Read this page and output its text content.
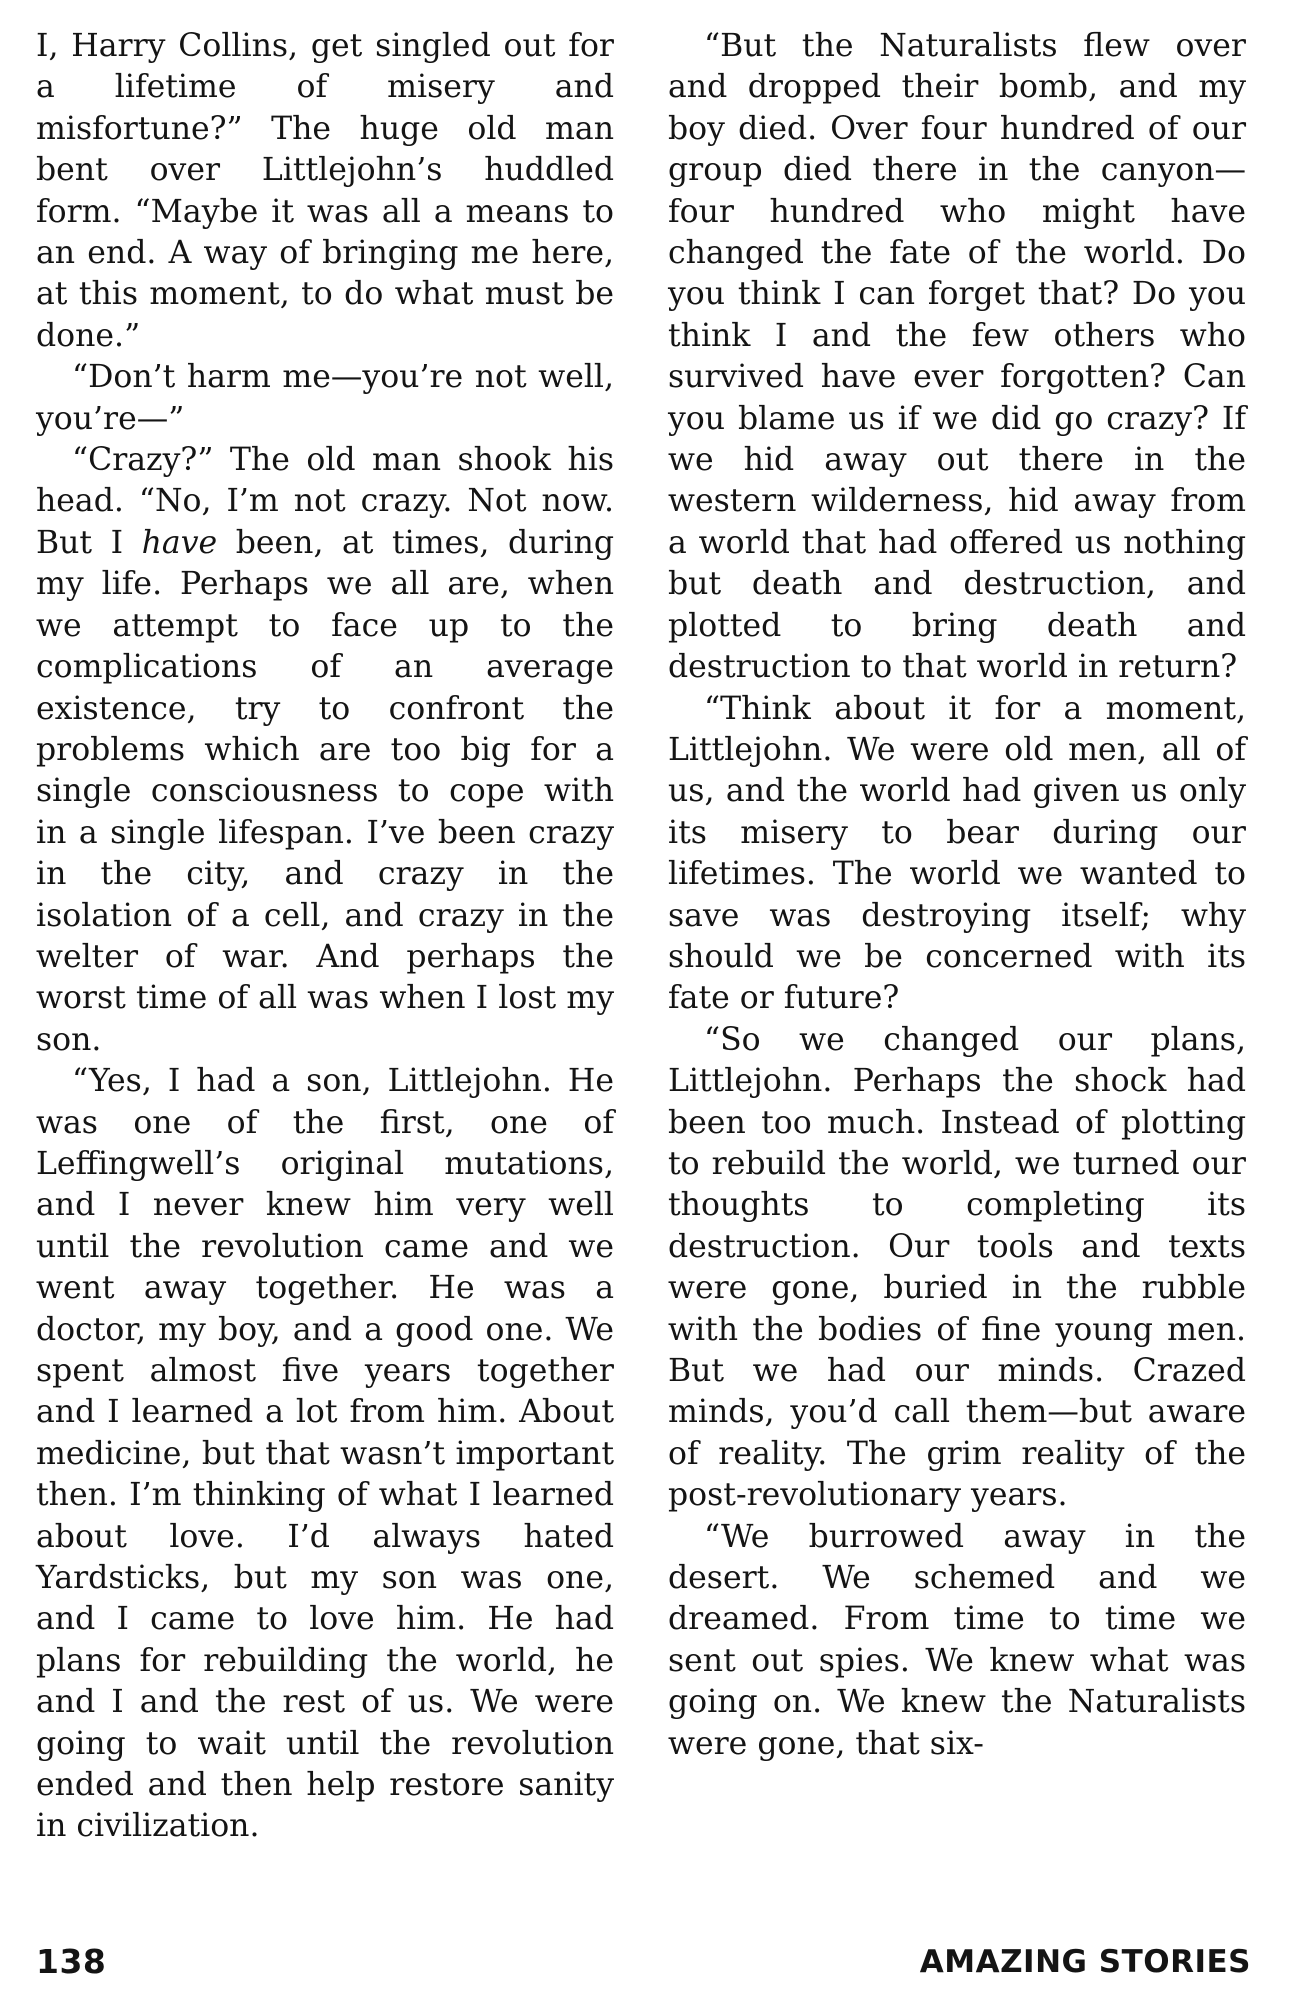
I, Harry Collins, get singled out for a lifetime of misery and misfortune?” The huge old man bent over Littlejohn’s huddled form. “Maybe it was all a means to an end. A way of bringing me here, at this moment, to do what must be done.”

“Don’t harm me—you’re not well, you’re—”

“Crazy?” The old man shook his head. “No, I’m not crazy. Not now. But I have been, at times, during my life. Perhaps we all are, when we attempt to face up to the complications of an average existence, try to confront the problems which are too big for a single consciousness to cope with in a single lifespan. I’ve been crazy in the city, and crazy in the isolation of a cell, and crazy in the welter of war. And perhaps the worst time of all was when I lost my son.

“Yes, I had a son, Littlejohn. He was one of the first, one of Leffingwell’s original mutations, and I never knew him very well until the revolution came and we went away together. He was a doctor, my boy, and a good one. We spent almost five years together and I learned a lot from him. About medicine, but that wasn’t important then. I’m thinking of what I learned about love. I’d always hated Yardsticks, but my son was one, and I came to love him. He had plans for rebuilding the world, he and I and the rest of us. We were going to wait until the revolution ended and then help restore sanity in civilization.

“But the Naturalists flew over and dropped their bomb, and my boy died. Over four hundred of our group died there in the canyon—four hundred who might have changed the fate of the world. Do you think I can forget that? Do you think I and the few others who survived have ever forgotten? Can you blame us if we did go crazy? If we hid away out there in the western wilderness, hid away from a world that had offered us nothing but death and destruction, and plotted to bring death and destruction to that world in return?

“Think about it for a moment, Littlejohn. We were old men, all of us, and the world had given us only its misery to bear during our lifetimes. The world we wanted to save was destroying itself; why should we be concerned with its fate or future?

“So we changed our plans, Littlejohn. Perhaps the shock had been too much. Instead of plotting to rebuild the world, we turned our thoughts to completing its destruction. Our tools and texts were gone, buried in the rubble with the bodies of fine young men. But we had our minds. Crazed minds, you’d call them—but aware of reality. The grim reality of the post-revolutionary years.

“We burrowed away in the desert. We schemed and we dreamed. From time to time we sent out spies. We knew what was going on. We knew the Naturalists were gone, that six-

138	AMAZING STORIES
